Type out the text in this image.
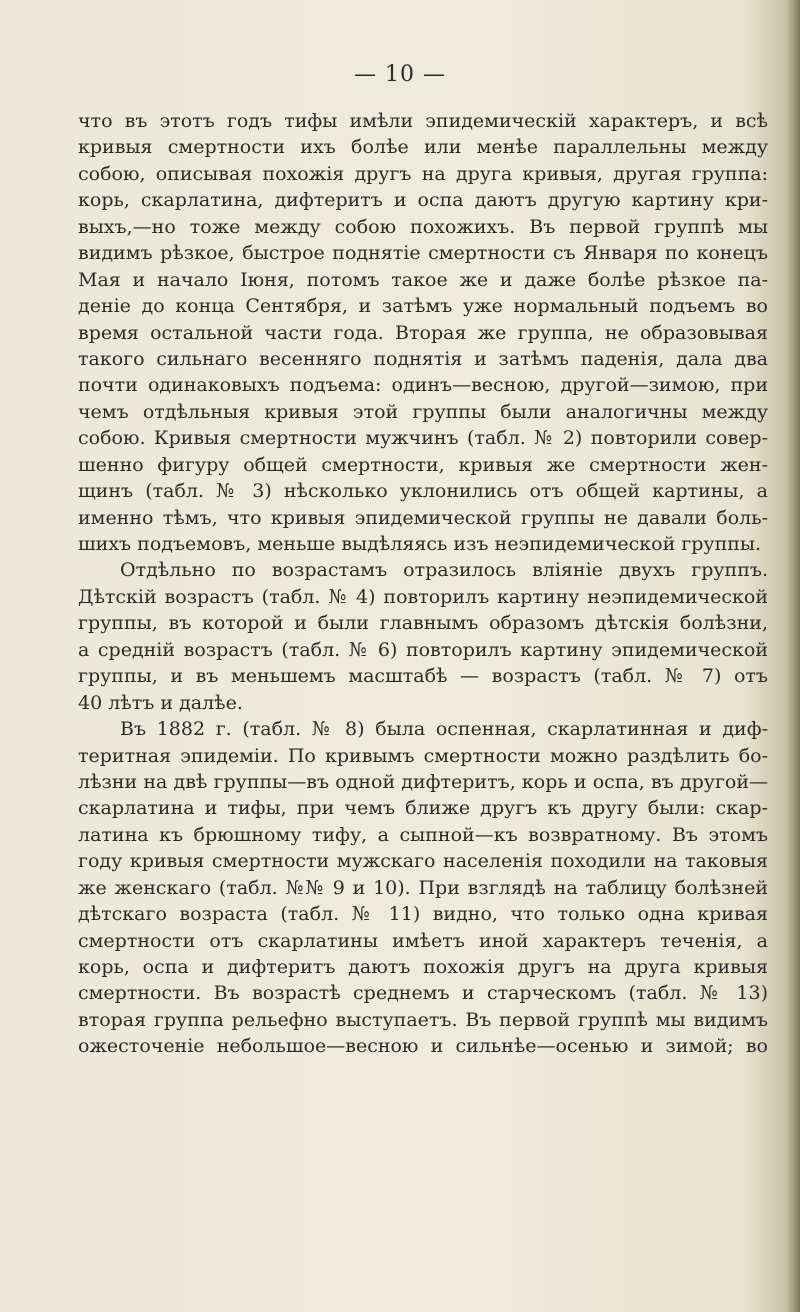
— 10 —
что въ этотъ годъ тифы имѣли эпидемическій характеръ, и всѣ
кривыя смертности ихъ болѣе или менѣе параллельны между
собою, описывая похожія другъ на друга кривыя, другая группа:
корь, скарлатина, дифтеритъ и оспа даютъ другую картину кри-
выхъ,—но тоже между собою похожихъ. Въ первой группѣ мы
видимъ рѣзкое, быстрое поднятіе смертности съ Января по конецъ
Мая и начало Іюня, потомъ такое же и даже болѣе рѣзкое па-
деніе до конца Сентября, и затѣмъ уже нормальный подъемъ во
время остальной части года. Вторая же группа, не образовывая
такого сильнаго весенняго поднятія и затѣмъ паденія, дала два
почти одинаковыхъ подъема: одинъ—весною, другой—зимою, при
чемъ отдѣльныя кривыя этой группы были аналогичны между
собою. Кривыя смертности мужчинъ (табл. № 2) повторили совер-
шенно фигуру общей смертности, кривыя же смертности жен-
щинъ (табл. № 3) нѣсколько уклонились отъ общей картины, а
именно тѣмъ, что кривыя эпидемической группы не давали боль-
шихъ подъемовъ, меньше выдѣляясь изъ неэпидемической группы.
Отдѣльно по возрастамъ отразилось вліяніе двухъ группъ.
Дѣтскій возрастъ (табл. № 4) повторилъ картину неэпидемической
группы, въ которой и были главнымъ образомъ дѣтскія болѣзни,
а средній возрастъ (табл. № 6) повторилъ картину эпидемической
группы, и въ меньшемъ масштабѣ — возрастъ (табл. № 7) отъ
40 лѣтъ и далѣе.
Въ 1882 г. (табл. № 8) была оспенная, скарлатинная и диф-
теритная эпидеміи. По кривымъ смертности можно раздѣлить бо-
лѣзни на двѣ группы—въ одной дифтеритъ, корь и оспа, въ другой—
скарлатина и тифы, при чемъ ближе другъ къ другу были: скар-
латина къ брюшному тифу, а сыпной—къ возвратному. Въ этомъ
году кривыя смертности мужскаго населенія походили на таковыя
же женскаго (табл. №№ 9 и 10). При взглядѣ на таблицу болѣзней
дѣтскаго возраста (табл. № 11) видно, что только одна кривая
смертности отъ скарлатины имѣетъ иной характеръ теченія, а
корь, оспа и дифтеритъ даютъ похожія другъ на друга кривыя
смертности. Въ возрастѣ среднемъ и старческомъ (табл. № 13)
вторая группа рельефно выступаетъ. Въ первой группѣ мы видимъ
ожесточеніе небольшое—весною и сильнѣе—осенью и зимой; во
